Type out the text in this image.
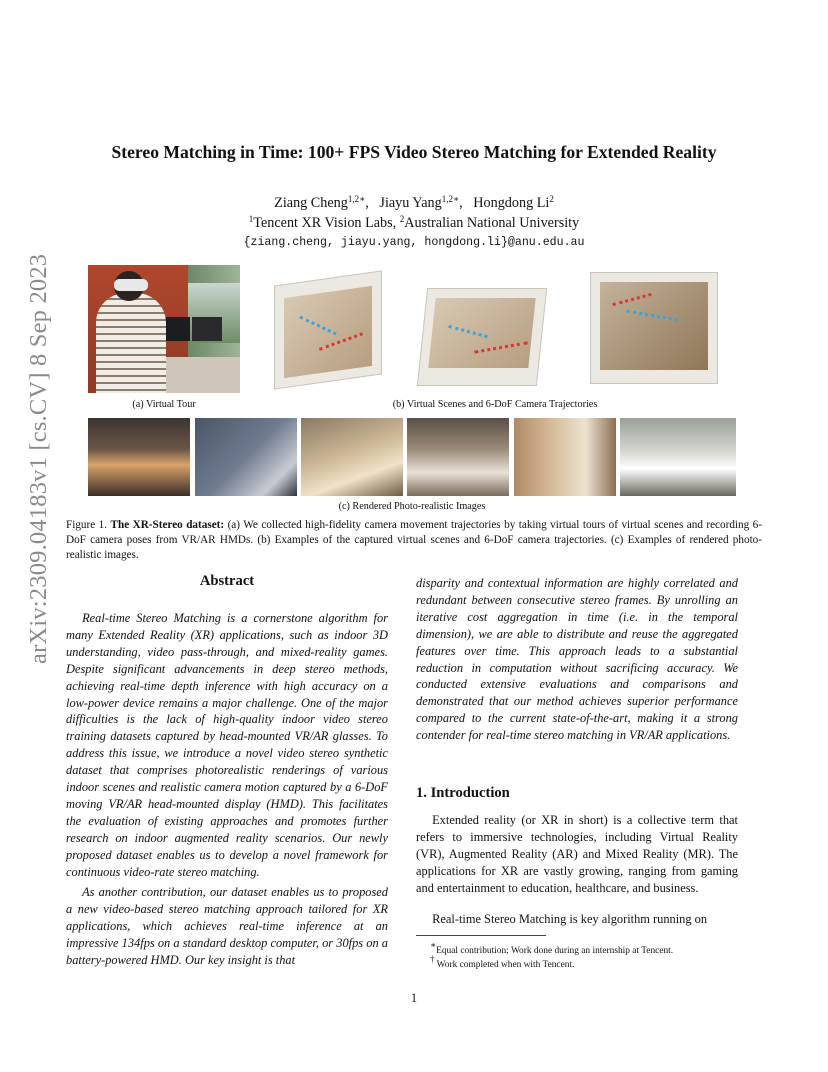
arXiv:2309.04183v1 [cs.CV] 8 Sep 2023
Stereo Matching in Time: 100+ FPS Video Stereo Matching for Extended Reality
Ziang Cheng$^{1,2∗}$,   Jiayu Yang$^{1,2∗}$,   Hongdong Li$^2$
$^1$Tencent XR Vision Labs, $^2$Australian National University
{ziang.cheng, jiayu.yang, hongdong.li}@anu.edu.au
(a) Virtual Tour	(b) Virtual Scenes and 6-DoF Camera Trajectories
(c) Rendered Photo-realistic Images
Figure 1. The XR-Stereo dataset: (a) We collected high-fidelity camera movement trajectories by taking virtual tours of virtual scenes and recording 6-DoF camera poses from VR/AR HMDs. (b) Examples of the captured virtual scenes and 6-DoF camera trajectories. (c) Examples of rendered photo-realistic images.
Abstract
Real-time Stereo Matching is a cornerstone algorithm for many Extended Reality (XR) applications, such as indoor 3D understanding, video pass-through, and mixed-reality games. Despite significant advancements in deep stereo methods, achieving real-time depth inference with high accuracy on a low-power device remains a major challenge. One of the major difficulties is the lack of high-quality indoor video stereo training datasets captured by head-mounted VR/AR glasses. To address this issue, we introduce a novel video stereo synthetic dataset that comprises photorealistic renderings of various indoor scenes and realistic camera motion captured by a 6-DoF moving VR/AR head-mounted display (HMD). This facilitates the evaluation of existing approaches and promotes further research on indoor augmented reality scenarios. Our newly proposed dataset enables us to develop a novel framework for continuous video-rate stereo matching.
As another contribution, our dataset enables us to proposed a new video-based stereo matching approach tailored for XR applications, which achieves real-time inference at an impressive 134fps on a standard desktop computer, or 30fps on a battery-powered HMD. Our key insight is that
disparity and contextual information are highly correlated and redundant between consecutive stereo frames. By unrolling an iterative cost aggregation in time (i.e. in the temporal dimension), we are able to distribute and reuse the aggregated features over time. This approach leads to a substantial reduction in computation without sacrificing accuracy. We conducted extensive evaluations and comparisons and demonstrated that our method achieves superior performance compared to the current state-of-the-art, making it a strong contender for real-time stereo matching in VR/AR applications.
1. Introduction
Extended reality (or XR in short) is a collective term that refers to immersive technologies, including Virtual Reality (VR), Augmented Reality (AR) and Mixed Reality (MR). The applications for XR are vastly growing, ranging from gaming and entertainment to education, healthcare, and business.
Real-time Stereo Matching is key algorithm running on
∗Equal contribution; Work done during an internship at Tencent.
† Work completed when with Tencent.
1
